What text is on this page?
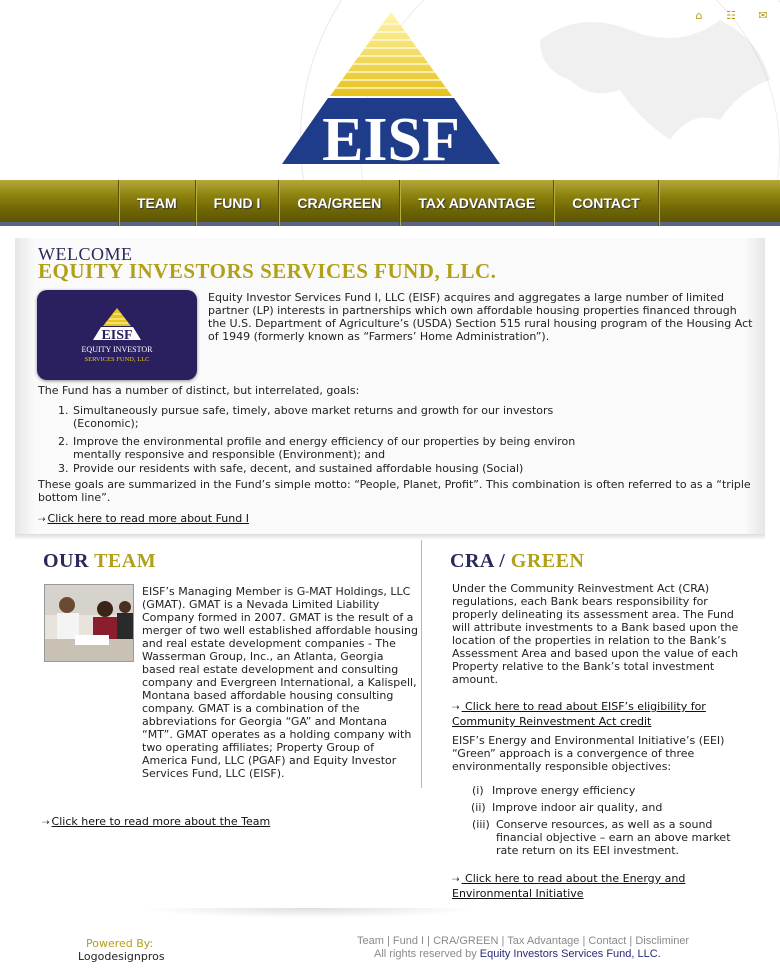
⌂	☷ ✉
EISF
TEAM	FUND I	CRA/GREEN	TAX ADVANTAGE	CONTACT
WELCOME
EQUITY INVESTORS SERVICES FUND, LLC.
EISF
EQUITY INVESTOR
SERVICES FUND, LLC

Equity Investor Services Fund I, LLC (EISF) acquires and aggregates a large number of limited partner (LP) interests in partnerships which own affordable housing properties financed through the U.S. Department of Agriculture’s (USDA) Section 515 rural housing program of the Housing Act of 1949 (formerly known as “Farmers’ Home Administration”).

The Fund has a number of distinct, but interrelated, goals:

1. Simultaneously pursue safe, timely, above market returns and growth for our investors
(Economic);
2. Improve the environmental profile and energy efficiency of our properties by being environ
mentally responsive and responsible (Environment); and
3. Provide our residents with safe, decent, and sustained affordable housing (Social)

These goals are summarized in the Fund’s simple motto: “People, Planet, Profit”. This combination is often referred to as a “triple bottom line”.

⇢ Click here to read more about Fund I
OUR TEAM

EISF’s Managing Member is G-MAT Holdings, LLC (GMAT). GMAT is a Nevada Limited Liability Company formed in 2007. GMAT is the result of a merger of two well established affordable housing and real estate development companies - The Wasserman Group, Inc., an Atlanta, Georgia based real estate development and consulting company and Evergreen International, a Kalispell, Montana based affordable housing consulting company. GMAT is a combination of the abbreviations for Georgia “GA” and Montana “MT”. GMAT operates as a holding company with two operating affiliates; Property Group of America Fund, LLC (PGAF) and Equity Investor Services Fund, LLC (EISF).

⇢ Click here to read more about the Team
CRA / GREEN

Under the Community Reinvestment Act (CRA) regulations, each Bank bears responsibility for properly delineating its assessment area. The Fund will attribute investments to a Bank based upon the location of the properties in relation to the Bank’s Assessment Area and based upon the value of each Property relative to the Bank’s total investment amount.

⇢ Click here to read about EISF’s eligibility for Community Reinvestment Act credit

EISF’s Energy and Environmental Initiative’s (EEI) “Green” approach is a convergence of three environmentally responsible objectives:

(i) Improve energy efficiency
(ii) Improve indoor air quality, and
(iii) Conserve resources, as well as a sound financial objective – earn an above market rate return on its EEI investment.
⇢ Click here to read about the Energy and Environmental Initiative
Powered By:
Logodesignpros
Team | Fund I | CRA/GREEN | Tax Advantage | Contact | Discliminer
All rights reserved by Equity Investors Services Fund, LLC.
